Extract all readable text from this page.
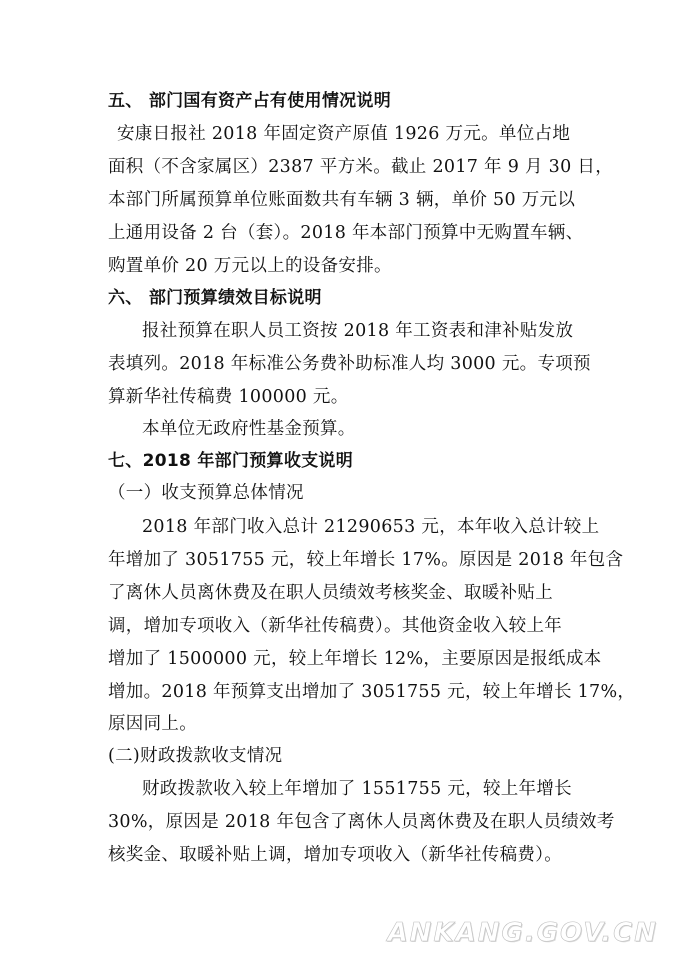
五、 部门国有资产占有使用情况说明
安康日报社 2018 年固定资产原值 1926 万元。单位占地
面积（不含家属区）2387 平方米。截止 2017 年 9 月 30 日，
本部门所属预算单位账面数共有车辆 3 辆，单价 50 万元以
上通用设备 2 台（套）。2018 年本部门预算中无购置车辆、
购置单价 20 万元以上的设备安排。
六、 部门预算绩效目标说明
报社预算在职人员工资按 2018 年工资表和津补贴发放
表填列。2018 年标准公务费补助标准人均 3000 元。专项预
算新华社传稿费 100000 元。
本单位无政府性基金预算。
七、2018 年部门预算收支说明
（一）收支预算总体情况
2018 年部门收入总计 21290653 元，本年收入总计较上
年增加了 3051755 元，较上年增长 17%。原因是 2018 年包含
了离休人员离休费及在职人员绩效考核奖金、取暖补贴上
调，增加专项收入（新华社传稿费）。其他资金收入较上年
增加了 1500000 元，较上年增长 12%，主要原因是报纸成本
增加。2018 年预算支出增加了 3051755 元，较上年增长 17%，
原因同上。
(二)财政拨款收支情况
财政拨款收入较上年增加了 1551755 元，较上年增长
30%，原因是 2018 年包含了离休人员离休费及在职人员绩效考
核奖金、取暖补贴上调，增加专项收入（新华社传稿费）。
ANKANG.GOV.CN
